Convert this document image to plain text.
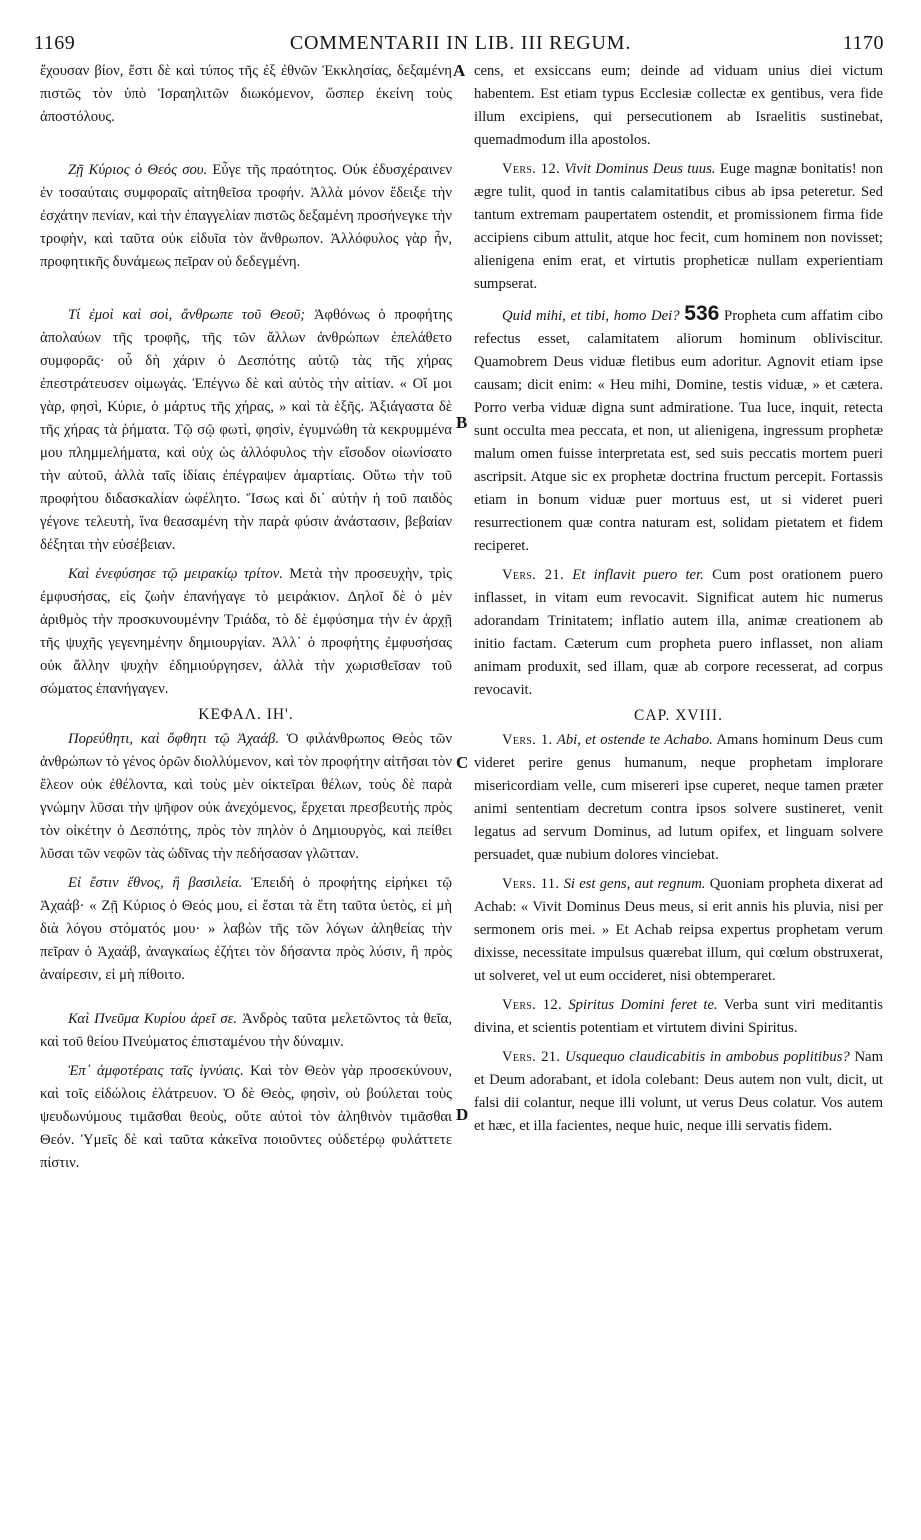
1169	COMMENTARII IN LIB. III REGUM.	1170
A
B
C
D

ἔχουσαν βίον, ἔστι δὲ καὶ τύπος τῆς ἐξ ἐθνῶν Ἐκκλησίας, δεξαμένη πιστῶς τὸν ὑπὸ Ἰσραηλιτῶν διωκόμενον, ὥσπερ ἐκείνη τοὺς ἀποστόλους.

Ζῇ Κύριος ὁ Θεός σου. Εὖγε τῆς πραότητος. Οὐκ ἐδυσχέραινεν ἐν τοσαύταις συμφοραῖς αἰτηθεῖσα τροφήν. Ἀλλὰ μόνον ἔδειξε τὴν ἐσχάτην πενίαν, καὶ τὴν ἐπαγγελίαν πιστῶς δεξαμένη προσήνεγκε τὴν τροφὴν, καὶ ταῦτα οὐκ εἰδυῖα τὸν ἄνθρωπον. Ἀλλόφυλος γὰρ ἦν, προφητικῆς δυνάμεως πεῖραν οὐ δεδεγμένη.

Τί ἐμοὶ καὶ σοὶ, ἄνθρωπε τοῦ Θεοῦ; Ἀφθόνως ὁ προφήτης ἀπολαύων τῆς τροφῆς, τῆς τῶν ἄλλων ἀνθρώπων ἐπελάθετο συμφορᾶς· οὗ δὴ χάριν ὁ Δεσπότης αὐτῷ τὰς τῆς χήρας ἐπεστράτευσεν οἰμωγάς. Ἐπέγνω δὲ καὶ αὐτὸς τὴν αἰτίαν. « Οἴ μοι γὰρ, φησὶ, Κύριε, ὁ μάρτυς τῆς χήρας, » καὶ τὰ ἑξῆς. Ἀξιάγαστα δὲ τῆς χήρας τὰ ῥήματα. Τῷ σῷ φωτὶ, φησὶν, ἐγυμνώθη τὰ κεκρυμμένα μου πλημμελήματα, καὶ οὐχ ὡς ἀλλόφυλος τὴν εἴσοδον οἰωνίσατο τὴν αὐτοῦ, ἀλλὰ ταῖς ἰδίαις ἐπέγραψεν ἁμαρτίαις. Οὕτω τὴν τοῦ προφήτου διδασκαλίαν ὠφέλητο. Ἴσως καὶ δι᾽ αὐτὴν ἡ τοῦ παιδὸς γέγονε τελευτὴ, ἵνα θεασαμένη τὴν παρὰ φύσιν ἀνάστασιν, βεβαίαν δέξηται τὴν εὐσέβειαν.

Καὶ ἐνεφύσησε τῷ μειρακίῳ τρίτον. Μετὰ τὴν προσευχὴν, τρὶς ἐμφυσήσας, εἰς ζωὴν ἐπανήγαγε τὸ μειράκιον. Δηλοῖ δὲ ὁ μὲν ἀριθμὸς τὴν προσκυνουμένην Τριάδα, τὸ δὲ ἐμφύσημα τὴν ἐν ἀρχῇ τῆς ψυχῆς γεγενημένην δημιουργίαν. Ἀλλ᾽ ὁ προφήτης ἐμφυσήσας οὐκ ἄλλην ψυχὴν ἐδημιούργησεν, ἀλλὰ τὴν χωρισθεῖσαν τοῦ σώματος ἐπανήγαγεν.

ΚΕΦΑΛ. ΙΗ'.

Πορεύθητι, καὶ ὄφθητι τῷ Ἀχαάβ. Ὁ φιλάνθρωπος Θεὸς τῶν ἀνθρώπων τὸ γένος ὁρῶν διολλύμενον, καὶ τὸν προφήτην αἰτῆσαι τὸν ἔλεον οὐκ ἐθέλοντα, καὶ τοὺς μὲν οἰκτεῖραι θέλων, τοὺς δὲ παρὰ γνώμην λῦσαι τὴν ψῆφον οὐκ ἀνεχόμενος, ἔρχεται πρεσβευτὴς πρὸς τὸν οἰκέτην ὁ Δεσπότης, πρὸς τὸν πηλὸν ὁ Δημιουργὸς, καὶ πείθει λῦσαι τῶν νεφῶν τὰς ὠδῖνας τὴν πεδήσασαν γλῶτταν.

Εἰ ἔστιν ἔθνος, ἢ βασιλεία. Ἐπειδὴ ὁ προφήτης εἰρήκει τῷ Ἀχαάβ· « Ζῇ Κύριος ὁ Θεός μου, εἰ ἔσται τὰ ἔτη ταῦτα ὑετὸς, εἰ μὴ διὰ λόγου στόματός μου· » λαβὼν τῆς τῶν λόγων ἀληθείας τὴν πεῖραν ὁ Ἀχαάβ, ἀναγκαίως ἐζήτει τὸν δήσαντα πρὸς λύσιν, ἢ πρὸς ἀναίρεσιν, εἰ μὴ πίθοιτο.

Καὶ Πνεῦμα Κυρίου ἀρεῖ σε. Ἀνδρὸς ταῦτα μελετῶντος τὰ θεῖα, καὶ τοῦ θείου Πνεύματος ἐπισταμένου τὴν δύναμιν.

Ἐπ᾽ ἀμφοτέραις ταῖς ἰγνύαις. Καὶ τὸν Θεὸν γὰρ προσεκύνουν, καὶ τοῖς εἰδώλοις ἐλάτρευον. Ὁ δὲ Θεὸς, φησὶν, οὐ βούλεται τοὺς ψευδωνύμους τιμᾶσθαι θεοὺς, οὔτε αὐτοὶ τὸν ἀληθινὸν τιμᾶσθαι Θεόν. Ὑμεῖς δὲ καὶ ταῦτα κἀκεῖνα ποιοῦντες οὐδετέρῳ φυλάττετε πίστιν.

cens, et exsiccans eum; deinde ad viduam unius diei victum habentem. Est etiam typus Ecclesiæ collectæ ex gentibus, vera fide illum excipiens, qui persecutionem ab Israelitis sustinebat, quemadmodum illa apostolos.

Vers. 12. Vivit Dominus Deus tuus. Euge magnæ bonitatis! non ægre tulit, quod in tantis calamitatibus cibus ab ipsa peteretur. Sed tantum extremam paupertatem ostendit, et promissionem firma fide accipiens cibum attulit, atque hoc fecit, cum hominem non novisset; alienigena enim erat, et virtutis propheticæ nullam experientiam sumpserat.

Quid mihi, et tibi, homo Dei? 536 Propheta cum affatim cibo refectus esset, calamitatem aliorum hominum obliviscitur. Quamobrem Deus viduæ fletibus eum adoritur. Agnovit etiam ipse causam; dicit enim: « Heu mihi, Domine, testis viduæ, » et cætera. Porro verba viduæ digna sunt admiratione. Tua luce, inquit, retecta sunt occulta mea peccata, et non, ut alienigena, ingressum prophetæ malum omen fuisse interpretata est, sed suis peccatis mortem pueri ascripsit. Atque sic ex prophetæ doctrina fructum percepit. Fortassis etiam in bonum viduæ puer mortuus est, ut si videret pueri resurrectionem quæ contra naturam est, solidam pietatem et fidem reciperet.

Vers. 21. Et inflavit puero ter. Cum post orationem puero inflasset, in vitam eum revocavit. Significat autem hic numerus adorandam Trinitatem; inflatio autem illa, animæ creationem ab initio factam. Cæterum cum propheta puero inflasset, non aliam animam produxit, sed illam, quæ ab corpore recesserat, ad corpus revocavit.

CAP. XVIII.

Vers. 1. Abi, et ostende te Achabo. Amans hominum Deus cum videret perire genus humanum, neque prophetam implorare misericordiam velle, cum misereri ipse cuperet, neque tamen præter animi sententiam decretum contra ipsos solvere sustineret, venit legatus ad servum Dominus, ad lutum opifex, et linguam solvere persuadet, quæ nubium dolores vinciebat.

Vers. 11. Si est gens, aut regnum. Quoniam propheta dixerat ad Achab: « Vivit Dominus Deus meus, si erit annis his pluvia, nisi per sermonem oris mei. » Et Achab reipsa expertus prophetam verum dixisse, necessitate impulsus quærebat illum, qui cœlum obstruxerat, ut solveret, vel ut eum occideret, nisi obtemperaret.

Vers. 12. Spiritus Domini feret te. Verba sunt viri meditantis divina, et scientis potentiam et virtutem divini Spiritus.

Vers. 21. Usquequo claudicabitis in ambobus poplitibus? Nam et Deum adorabant, et idola colebant: Deus autem non vult, dicit, ut falsi dii colantur, neque illi volunt, ut verus Deus colatur. Vos autem et hæc, et illa facientes, neque huic, neque illi servatis fidem.
